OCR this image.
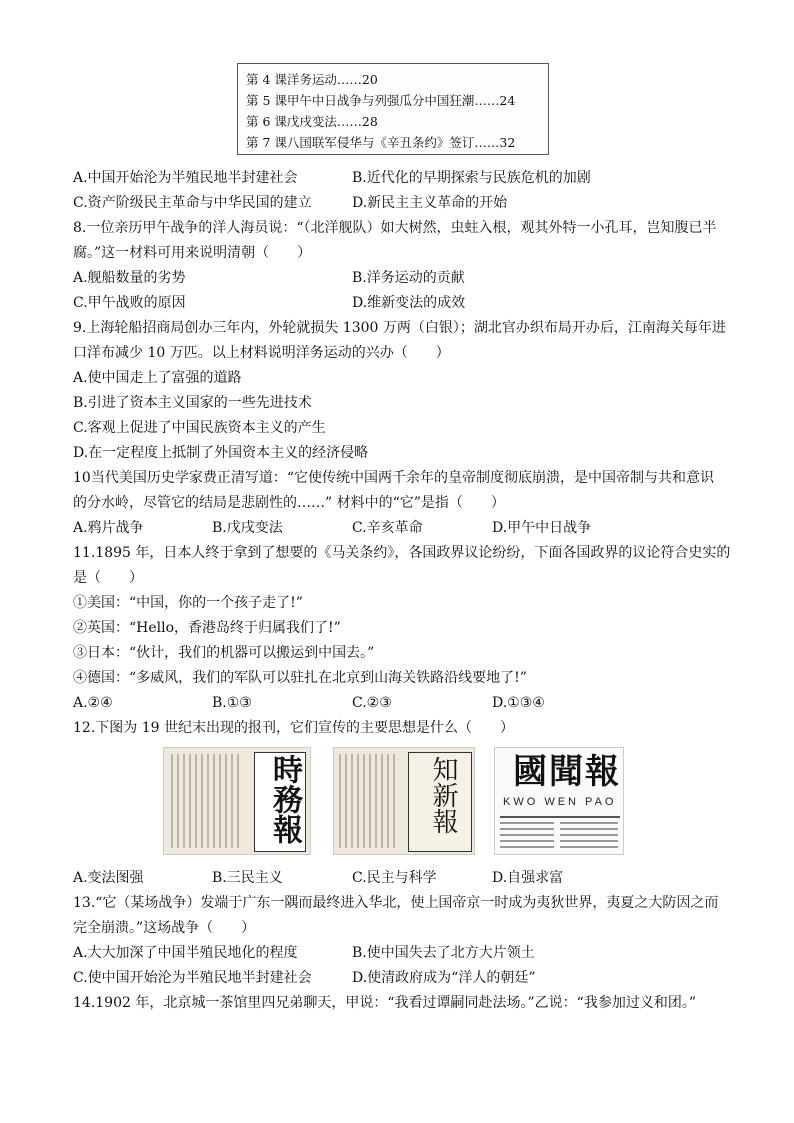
第 4 课洋务运动……20
第 5 课甲午中日战争与列强瓜分中国狂潮……24
第 6 课戊戌变法……28
第 7 课八国联军侵华与《辛丑条约》签订……32
A.中国开始沦为半殖民地半封建社会	B.近代化的早期探索与民族危机的加剧
C.资产阶级民主革命与中华民国的建立	D.新民主主义革命的开始
8.一位亲历甲午战争的洋人海员说：“（北洋舰队）如大树然，虫蛀入根，观其外特一小孔耳，岂知腹已半
腐。”这一材料可用来说明清朝（　　）
A.舰船数量的劣势	B.洋务运动的贡献
C.甲午战败的原因	D.维新变法的成效
9.上海轮船招商局创办三年内，外轮就损失 1300 万两（白银）；湖北官办织布局开办后，江南海关每年进
口洋布减少 10 万匹。以上材料说明洋务运动的兴办（　　）
A.使中国走上了富强的道路
B.引进了资本主义国家的一些先进技术
C.客观上促进了中国民族资本主义的产生
D.在一定程度上抵制了外国资本主义的经济侵略
10当代美国历史学家费正清写道：“它使传统中国两千余年的皇帝制度彻底崩溃，是中国帝制与共和意识
的分水岭，尽管它的结局是悲剧性的……” 材料中的“它”是指（　　）
A.鸦片战争	B.戊戌变法	C.辛亥革命	D.甲午中日战争
11.1895 年，日本人终于拿到了想要的《马关条约》，各国政界议论纷纷，下面各国政界的议论符合史实的
是（　　）
①美国：“中国，你的一个孩子走了!”
②英国：“Hello，香港岛终于归属我们了!”
③日本：“伙计，我们的机器可以搬运到中国去。”
④德国：“多威风，我们的军队可以驻扎在北京到山海关铁路沿线要地了!”
A.②④	B.①③	C.②③	D.①③④
12.下图为 19 世纪末出现的报刊，它们宣传的主要思想是什么（　　）
時務報	知新報	國聞報
KWO WEN PAO
A.变法图强	B.三民主义	C.民主与科学	D.自强求富
13.“它（某场战争）发端于广东一隅而最终进入华北，使上国帝京一时成为夷狄世界，夷夏之大防因之而
完全崩溃。”这场战争（　　）
A.大大加深了中国半殖民地化的程度	B.使中国失去了北方大片领土
C.使中国开始沦为半殖民地半封建社会	D.使清政府成为“洋人的朝廷”
14.1902 年，北京城一茶馆里四兄弟聊天，甲说：“我看过谭嗣同赴法场。”乙说：“我参加过义和团。”
